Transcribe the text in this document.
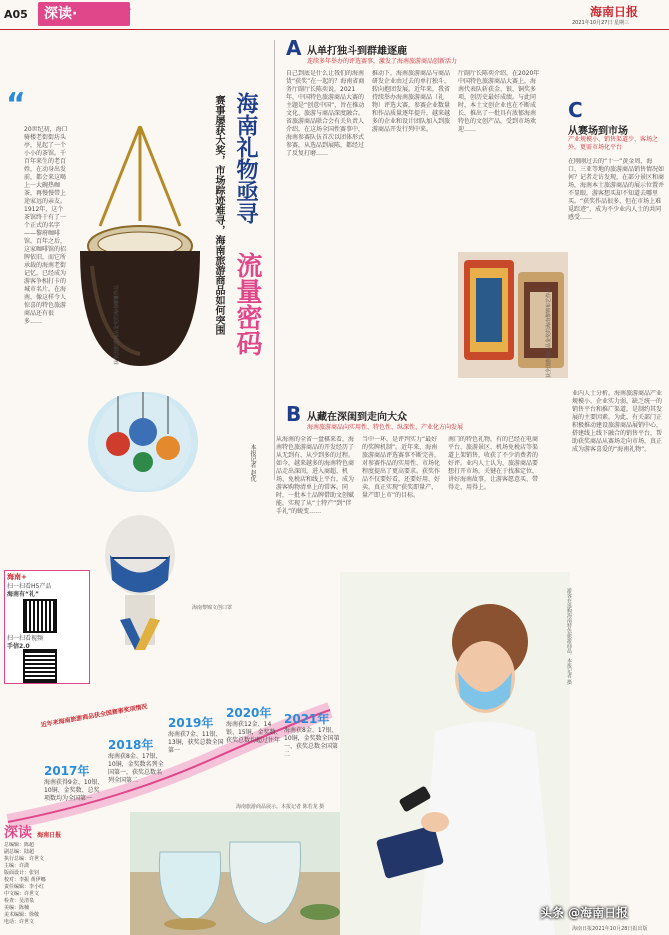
A05	深读· 海南	海南日报
2021年10月27日 星期三
“
20世纪初，海口骑楼老街街坊头亭，见起了一个小小的茶馆。千百年来生的老百姓，在动身出发前，都会来这喝上一大碗热咖茶，再慢慢带上途家远的亲友。1912年，这个茶馆终于有了一个正式的名字——黎府咖啡馆。百年之后，这家咖啡馆的招牌依旧，而它所承载的海南老街记忆，已经成为游客争相打卡的城市名片。在海南，像这样令人惊喜的特色旅游商品还有很多……	获全国旅游商品金奖的海南椰雕作品
海南黎锦文创口罩
海南+
扫一扫看H5产品
海南有“礼”
扫一扫看视频
手信2.0
海南礼物亟寻
流量密码
赛事屡获大奖，市场踪迹难寻，海南旅游商品如何突围
本报记者 赵优
A 从单打独斗到群雄逐鹿
连续多年举办的评选赛事，激发了海南旅游商品创新活力
自己到底是什么让我们的海南货“获奖”在一起的？海南省商务厅副厅长陈奕说，2021年，中国特色旅游商品大赛的主题是“创意中国”，旨在推动文化、旅游与商品深度融合。省旅游商品联合会有关负责人介绍，在这场全国性赛事中，海南参赛队伍首次以团体形式参赛，从选品到展陈，都经过了反复打磨……
推动下，海南旅游商品与商品研发企业由过去的单打独斗，转向抱团发展。近年来，我省持续举办海南旅游商品（礼物）评选大赛，参赛企业数量和作品质量逐年提升，越来越多的企业和设计团队加入到旅游商品开发行列中来。
厅副厅长陈奕介绍，在2020年中国特色旅游商品大赛上，海南代表队斩获金、银、铜奖多项，创历史最好成绩。与此同时，本土文创企业也在不断成长，推出了一批具有浓郁海南特色的文创产品，受到市场欢迎……
获全国旅游商品金奖的海南黎锦布艺作品
C
从赛场到市场
产业规模小、销售渠道少、客场之外，更需市场化平台
在刚刚过去的“十一”黄金周，海口、三亚等地的旅游商品销售情况如何？记者走访发现，在部分景区和商场，海南本土旅游商品的展示位置并不显眼，游客想买却不知道去哪里买。“获奖作品很多，但在市场上难觅踪迹”，成为不少业内人士的共同感受……
业内人士分析，海南旅游商品产业规模小、企业实力弱，缺乏统一的销售平台和推广渠道，是制约其发展的主要因素。为此，有关部门正积极推动建设旅游商品展销中心，搭建线上线下融合的销售平台，帮助获奖商品从赛场走向市场，真正成为游客喜爱的“海南礼物”。
B 从藏在深闺到走向大众
海南旅游商品向实用性、特色性、纵深性、产业化方向发展
从海南的全省一盘棋来看，海南特色旅游商品的开发经历了从无到有、从少到多的过程。如今，越来越多的海南特色商品走出深闺，进入商超、机场、免税店和线上平台，成为游客购物清单上的常客。同时，一批本土品牌借助文创赋能，实现了从“土特产”到“伴手礼”的蜕变……
当中一环，是评判实力“最好的奖牌机制”。近年来，海南旅游商品评选赛事不断完善，对参赛作品的实用性、市场化程度提出了更高要求。获奖作品不仅要好看，还要好用、好卖，真正实现“获奖即量产、量产即上市”的目标。
南门的特色礼物，有的已经在电商平台、旅游景区、机场免税店等渠道上架销售，收获了不少消费者的好评。业内人士认为，旅游商品要想打开市场，关键在于找准定位，讲好海南故事，让游客愿意买、带得走、用得上。
游客在选购海南特色旅游商品。本报记者 摄
近年来海南旅游商品获全国赛事奖项情况
2017年
海南获得9金、10银、10铜、金奖数、总奖项数均为全国第一
2018年
海南获8金、17银、10铜，金奖数名列全国第一，获奖总数名列全国第二
2019年
海南获7金、11银、13铜，获奖总数全国第一
2020年
海南获12金、14银、15铜，金奖数、获奖总数均超过往年
2021年
海南获8金、17银、10铜，金奖数全国第一、获奖总数全国第二
深读 海南日报
总编辑：陈超
副总编：陆超
执行总编：许世文
主编：许潇
版面设计：张钊
校对：李振 黄伊娜
责任编辑：李小红
中文编：许世文
检查：吴清泉
美编：陈楠
美术编辑：徐敬
电话：许世文
海南旅游商品展示。本报记者 陈若龙 摄
海南日报2021年10月28日报出版
头条 @海南日报
